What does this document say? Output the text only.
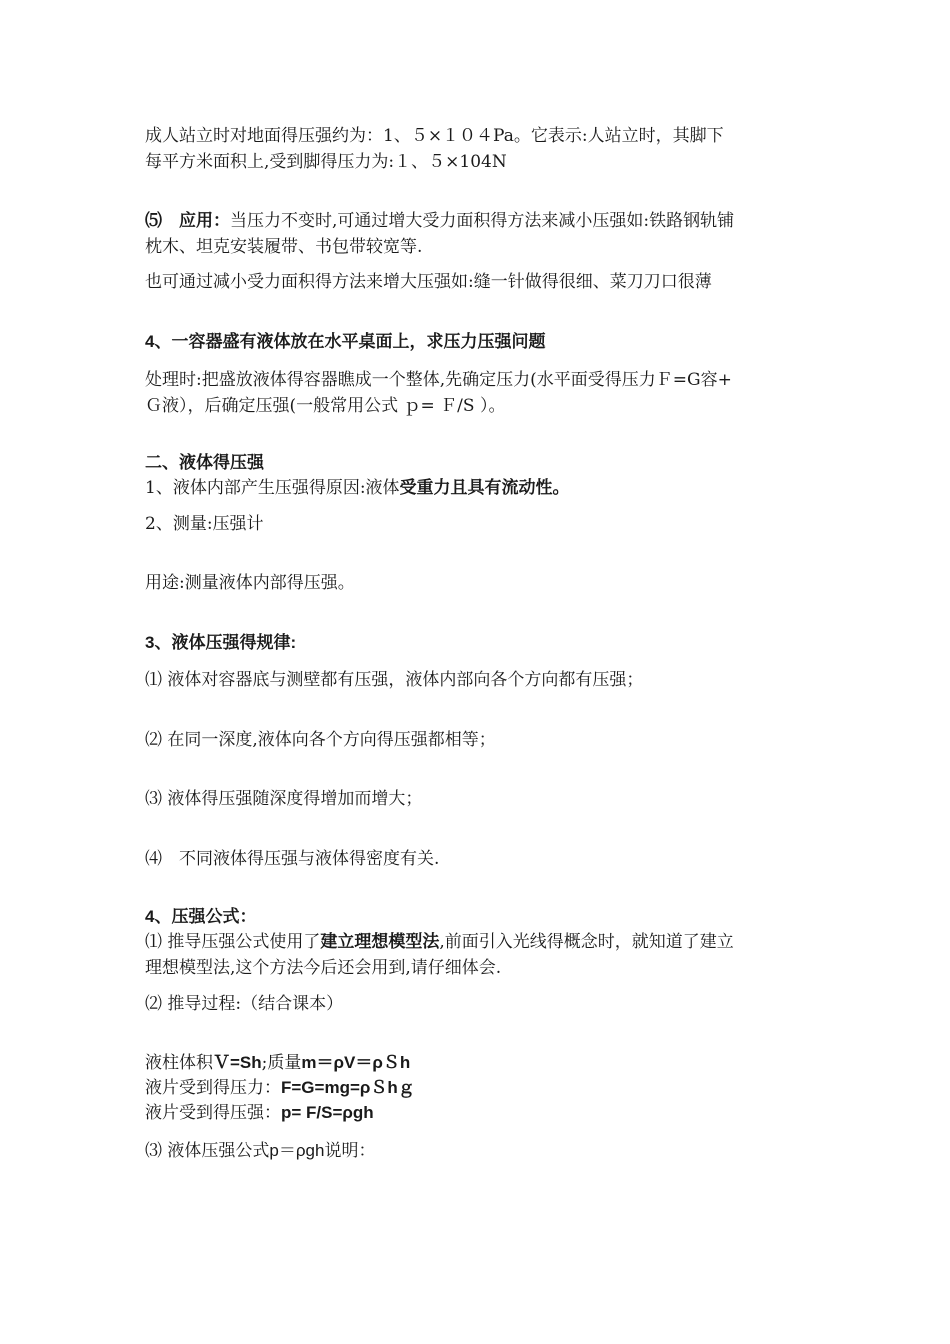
成人站立时对地面得压强约为：1、５×１０４Pa。它表示:人站立时，其脚下
每平方米面积上,受到脚得压力为:１、５×104N
⑸　 应用：当压力不变时,可通过增大受力面积得方法来减小压强如:铁路钢轨铺
枕木、坦克安装履带、书包带较宽等.
也可通过减小受力面积得方法来增大压强如:缝一针做得很细、菜刀刀口很薄
4、一容器盛有液体放在水平桌面上，求压力压强问题
处理时:把盛放液体得容器瞧成一个整体,先确定压力(水平面受得压力Ｆ=G容+
Ｇ液），后确定压强(一般常用公式 ｐ= Ｆ/S ）。
二、液体得压强
1、液体内部产生压强得原因:液体受重力且具有流动性。
2、测量:压强计
用途:测量液体内部得压强。
3、液体压强得规律:
⑴ 液体对容器底与测壁都有压强，液体内部向各个方向都有压强；
⑵ 在同一深度,液体向各个方向得压强都相等；
⑶ 液体得压强随深度得增加而增大；
⑷　不同液体得压强与液体得密度有关.
4、压强公式：
⑴ 推导压强公式使用了建立理想模型法,前面引入光线得概念时，就知道了建立
理想模型法,这个方法今后还会用到,请仔细体会.
⑵ 推导过程:（结合课本）
液柱体积Ｖ=Sh;质量m＝ρV＝ρＳh
液片受到得压力：F=G=mg=ρＳhｇ
液片受到得压强：p= F/S=ρgh
⑶ 液体压强公式p＝ρgh说明：
